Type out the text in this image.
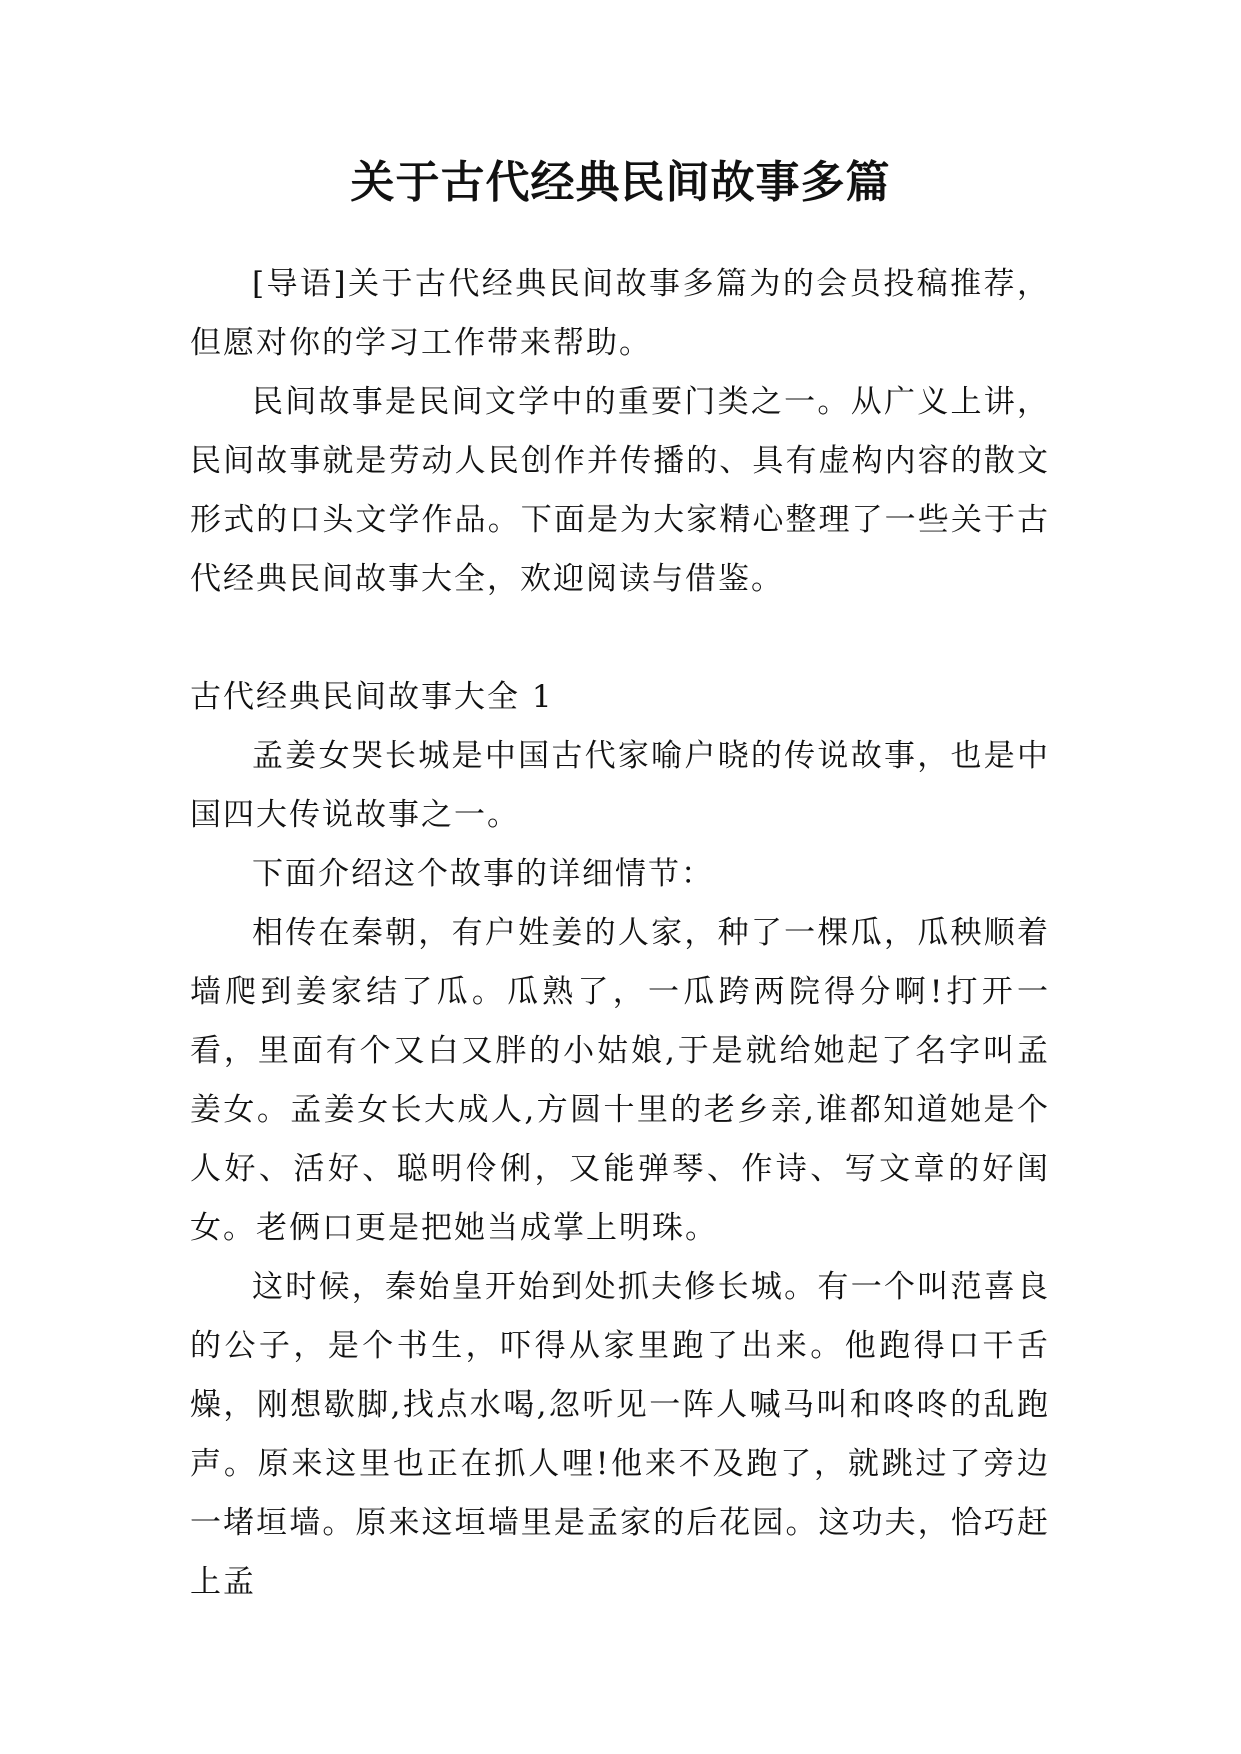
关于古代经典民间故事多篇

[导语]关于古代经典民间故事多篇为的会员投稿推荐，但愿对你的学习工作带来帮助。

民间故事是民间文学中的重要门类之一。从广义上讲，民间故事就是劳动人民创作并传播的、具有虚构内容的散文形式的口头文学作品。下面是为大家精心整理了一些关于古代经典民间故事大全，欢迎阅读与借鉴。

古代经典民间故事大全 1

孟姜女哭长城是中国古代家喻户晓的传说故事，也是中国四大传说故事之一。

下面介绍这个故事的详细情节：

相传在秦朝，有户姓姜的人家，种了一棵瓜，瓜秧顺着墙爬到姜家结了瓜。瓜熟了，一瓜跨两院得分啊!打开一看，里面有个又白又胖的小姑娘,于是就给她起了名字叫孟姜女。孟姜女长大成人,方圆十里的老乡亲,谁都知道她是个人好、活好、聪明伶俐，又能弹琴、作诗、写文章的好闺女。老俩口更是把她当成掌上明珠。

这时候，秦始皇开始到处抓夫修长城。有一个叫范喜良的公子，是个书生，吓得从家里跑了出来。他跑得口干舌燥，刚想歇脚,找点水喝,忽听见一阵人喊马叫和咚咚的乱跑声。原来这里也正在抓人哩!他来不及跑了，就跳过了旁边一堵垣墙。原来这垣墙里是孟家的后花园。这功夫，恰巧赶上孟
